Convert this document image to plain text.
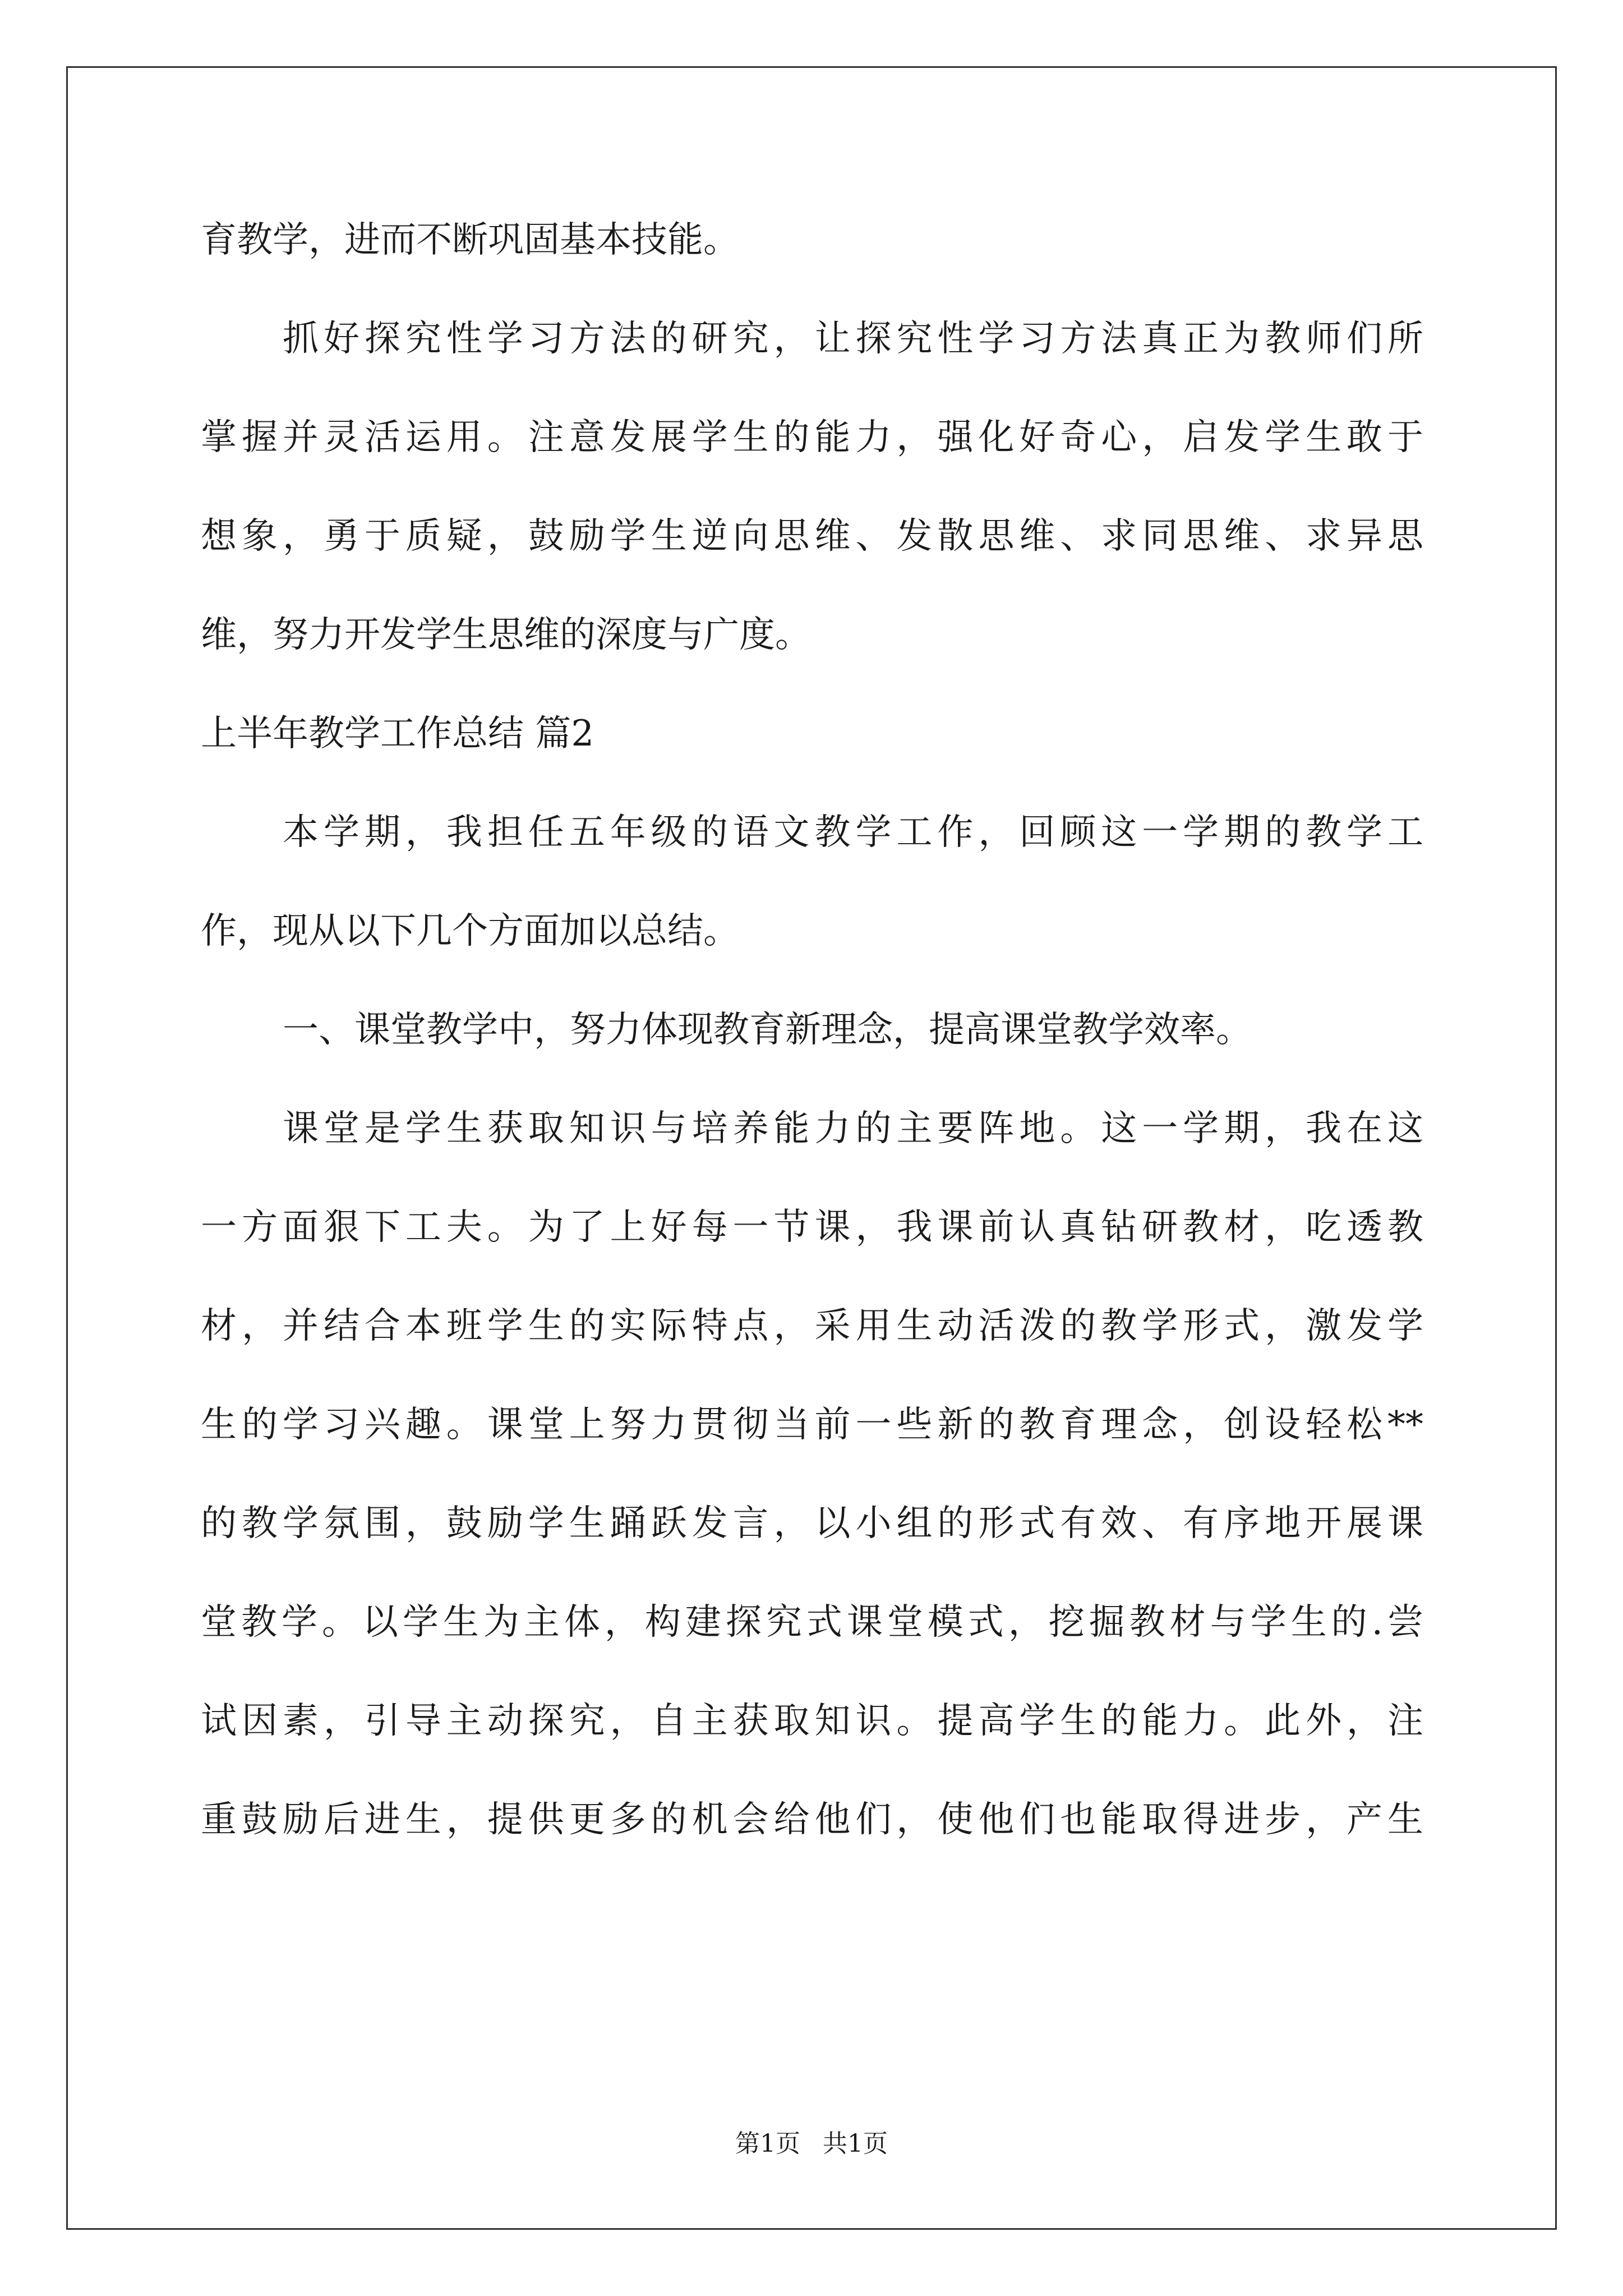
育教学，进而不断巩固基本技能。
抓好探究性学习方法的研究，让探究性学习方法真正为教师们所
掌握并灵活运用。注意发展学生的能力，强化好奇心，启发学生敢于
想象，勇于质疑，鼓励学生逆向思维、发散思维、求同思维、求异思
维，努力开发学生思维的深度与广度。
上半年教学工作总结 篇2
本学期，我担任五年级的语文教学工作，回顾这一学期的教学工
作，现从以下几个方面加以总结。
一、课堂教学中，努力体现教育新理念，提高课堂教学效率。
课堂是学生获取知识与培养能力的主要阵地。这一学期，我在这
一方面狠下工夫。为了上好每一节课，我课前认真钻研教材，吃透教
材，并结合本班学生的实际特点，采用生动活泼的教学形式，激发学
生的学习兴趣。课堂上努力贯彻当前一些新的教育理念，创设轻松**
的教学氛围，鼓励学生踊跃发言，以小组的形式有效、有序地开展课
堂教学。以学生为主体，构建探究式课堂模式，挖掘教材与学生的.尝
试因素，引导主动探究，自主获取知识。提高学生的能力。此外，注
重鼓励后进生，提供更多的机会给他们，使他们也能取得进步，产生
第1页 共1页
